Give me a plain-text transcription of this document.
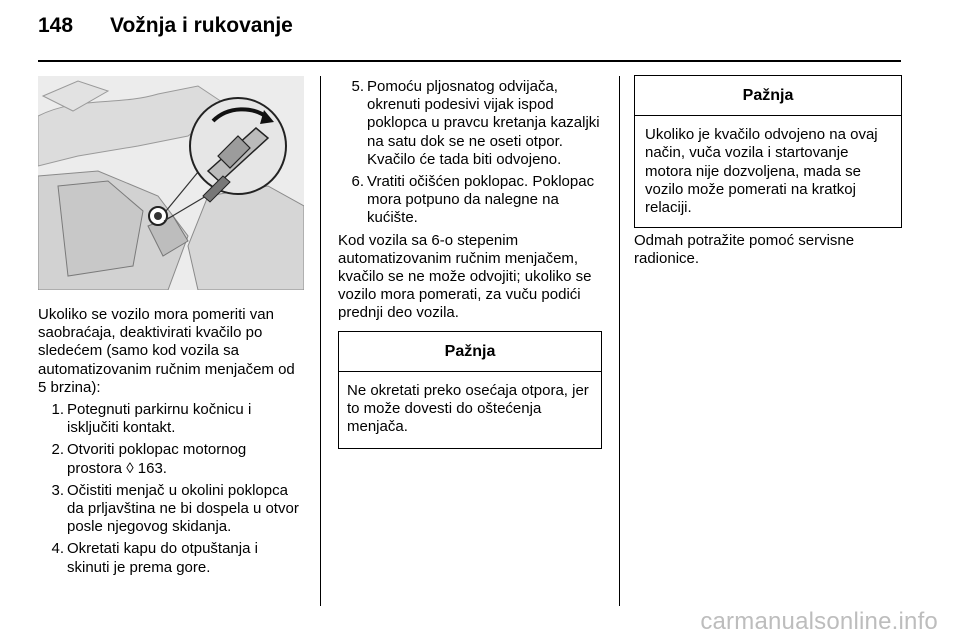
148 Vožnja i rukovanje

Ukoliko se vozilo mora pomeriti van saobraćaja, deaktivirati kvačilo po sledećem (samo kod vozila sa automatizovanim ručnim menjačem od 5 brzina):

1. Potegnuti parkirnu kočnicu i isključiti kontakt.
2. Otvoriti poklopac motornog prostora ◊ 163.
3. Očistiti menjač u okolini poklopca da prljavština ne bi dospela u otvor posle njegovog skidanja.
4. Okretati kapu do otpuštanja i skinuti je prema gore.
5. Pomoću pljosnatog odvijača, okrenuti podesivi vijak ispod poklopca u pravcu kretanja kazaljki na satu dok se ne oseti otpor. Kvačilo će tada biti odvojeno.
6. Vratiti očišćen poklopac. Poklopac mora potpuno da nalegne na kućište.

Kod vozila sa 6-o stepenim automatizovanim ručnim menjačem, kvačilo se ne može odvojiti; ukoliko se vozilo mora pomerati, za vuču podići prednji deo vozila.

Pažnja
Ne okretati preko osećaja otpora, jer to može dovesti do oštećenja menjača.
Pažnja
Ukoliko je kvačilo odvojeno na ovaj način, vuča vozila i startovanje motora nije dozvoljena, mada se vozilo može pomerati na kratkoj relaciji.

Odmah potražite pomoć servisne radionice.

carmanualsonline.info
